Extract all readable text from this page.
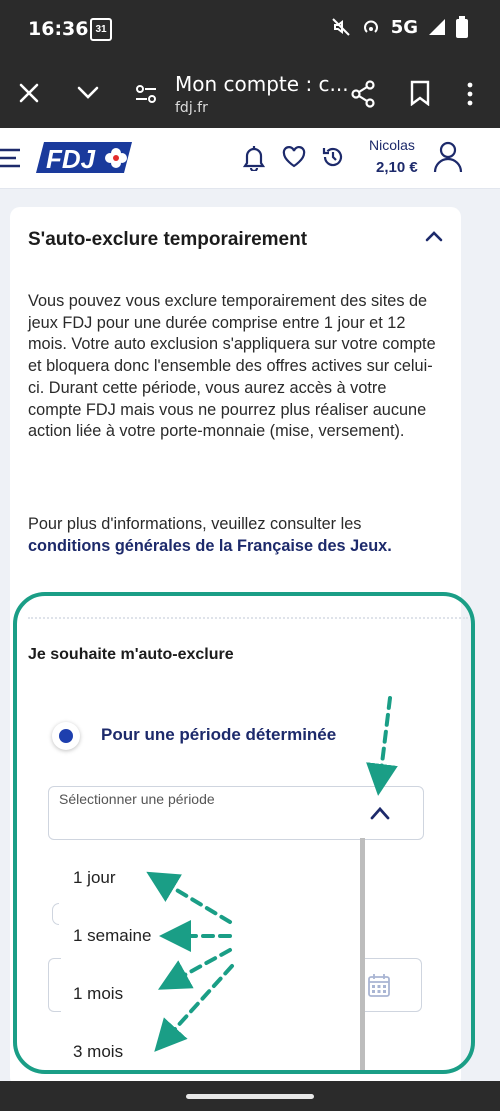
16:36 31	5G
Mon compte : c...
fdj.fr
FDJ	Nicolas
2,10 €
S'auto-exclure temporairement

Vous pouvez vous exclure temporairement des sites de jeux FDJ pour une durée comprise entre 1 jour et 12 mois. Votre auto exclusion s'appliquera sur votre compte et bloquera donc l'ensemble des offres actives sur celui-ci. Durant cette période, vous aurez accès à votre compte FDJ mais vous ne pourrez plus réaliser aucune action liée à votre porte-monnaie (mise, versement).

Pour plus d'informations, veuillez consulter les conditions générales de la Française des Jeux.

Je souhaite m'auto-exclure
Pour une période déterminée
Sélectionner une période
1 jour
1 semaine
1 mois
3 mois
